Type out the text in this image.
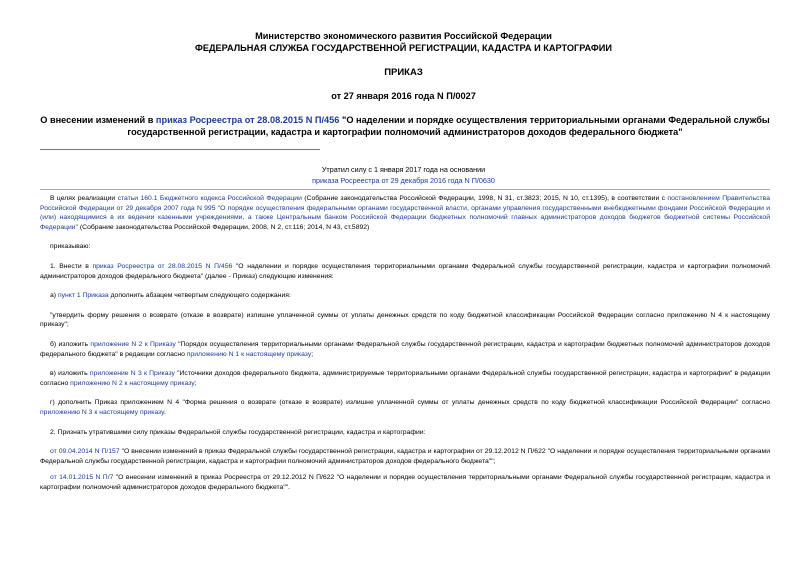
Министерство экономического развития Российской Федерации
ФЕДЕРАЛЬНАЯ СЛУЖБА ГОСУДАРСТВЕННОЙ РЕГИСТРАЦИИ, КАДАСТРА И КАРТОГРАФИИ
ПРИКАЗ
от 27 января 2016 года N П/0027
О внесении изменений в приказ Росреестра от 28.08.2015 N П/456 "О наделении и порядке осуществления территориальными органами Федеральной службы государственной регистрации, кадастра и картографии полномочий администраторов доходов федерального бюджета"
Утратил силу с 1 января 2017 года на основании
приказа Росреестра от 29 декабря 2016 года N П/0630

В целях реализации статьи 160.1 Бюджетного кодекса Российской Федерации (Собрание законодательства Российской Федерации, 1998, N 31, ст.3823; 2015, N 10, ст.1395), в соответствии с постановлением Правительства Российской Федерации от 29 декабря 2007 года N 995 "О порядке осуществления федеральными органами государственной власти, органами управления государственными внебюджетными фондами Российской Федерации и (или) находящимися в их ведении казенными учреждениями, а также Центральным банком Российской Федерации бюджетных полномочий главных администраторов доходов бюджетов бюджетной системы Российской Федерации" (Собрание законодательства Российской Федерации, 2008, N 2, ст.116; 2014, N 43, ст.5892)

приказываю:

1. Внести в приказ Росреестра от 28.08.2015 N П/456 "О наделении и порядке осуществления территориальными органами Федеральной службы государственной регистрации, кадастра и картографии полномочий администраторов доходов федерального бюджета" (далее - Приказ) следующие изменения:

а) пункт 1 Приказа дополнить абзацем четвертым следующего содержания:

"утвердить форму решения о возврате (отказе в возврате) излишне уплаченной суммы от уплаты денежных средств по коду бюджетной классификации Российской Федерации согласно приложению N 4 к настоящему приказу";

б) изложить приложение N 2 к Приказу "Порядок осуществления территориальными органами Федеральной службы государственной регистрации, кадастра и картографии бюджетных полномочий администраторов доходов федерального бюджета" в редакции согласно приложению N 1 к настоящему приказу;

в) изложить приложение N 3 к Приказу "Источники доходов федерального бюджета, администрируемые территориальными органами Федеральной службы государственной регистрации, кадастра и картографии" в редакции согласно приложению N 2 к настоящему приказу;

г) дополнить Приказ приложением N 4 "Форма решения о возврате (отказе в возврате) излишне уплаченной суммы от уплаты денежных средств по коду бюджетной классификации Российской Федерации" согласно приложению N 3 к настоящему приказу.

2. Признать утратившими силу приказы Федеральной службы государственной регистрации, кадастра и картографии:

от 09.04.2014 N П/157 "О внесении изменений в приказ Федеральной службы государственной регистрации, кадастра и картографии от 29.12.2012 N П/622 "О наделении и порядке осуществления территориальными органами Федеральной службы государственной регистрации, кадастра и картографии полномочий администраторов доходов федерального бюджета"";

от 14.01.2015 N П/7 "О внесении изменений в приказ Росреестра от 29.12.2012 N П/622 "О наделении и порядке осуществления территориальными органами Федеральной службы государственной регистрации, кадастра и картографии полномочий администраторов доходов федерального бюджета"".
